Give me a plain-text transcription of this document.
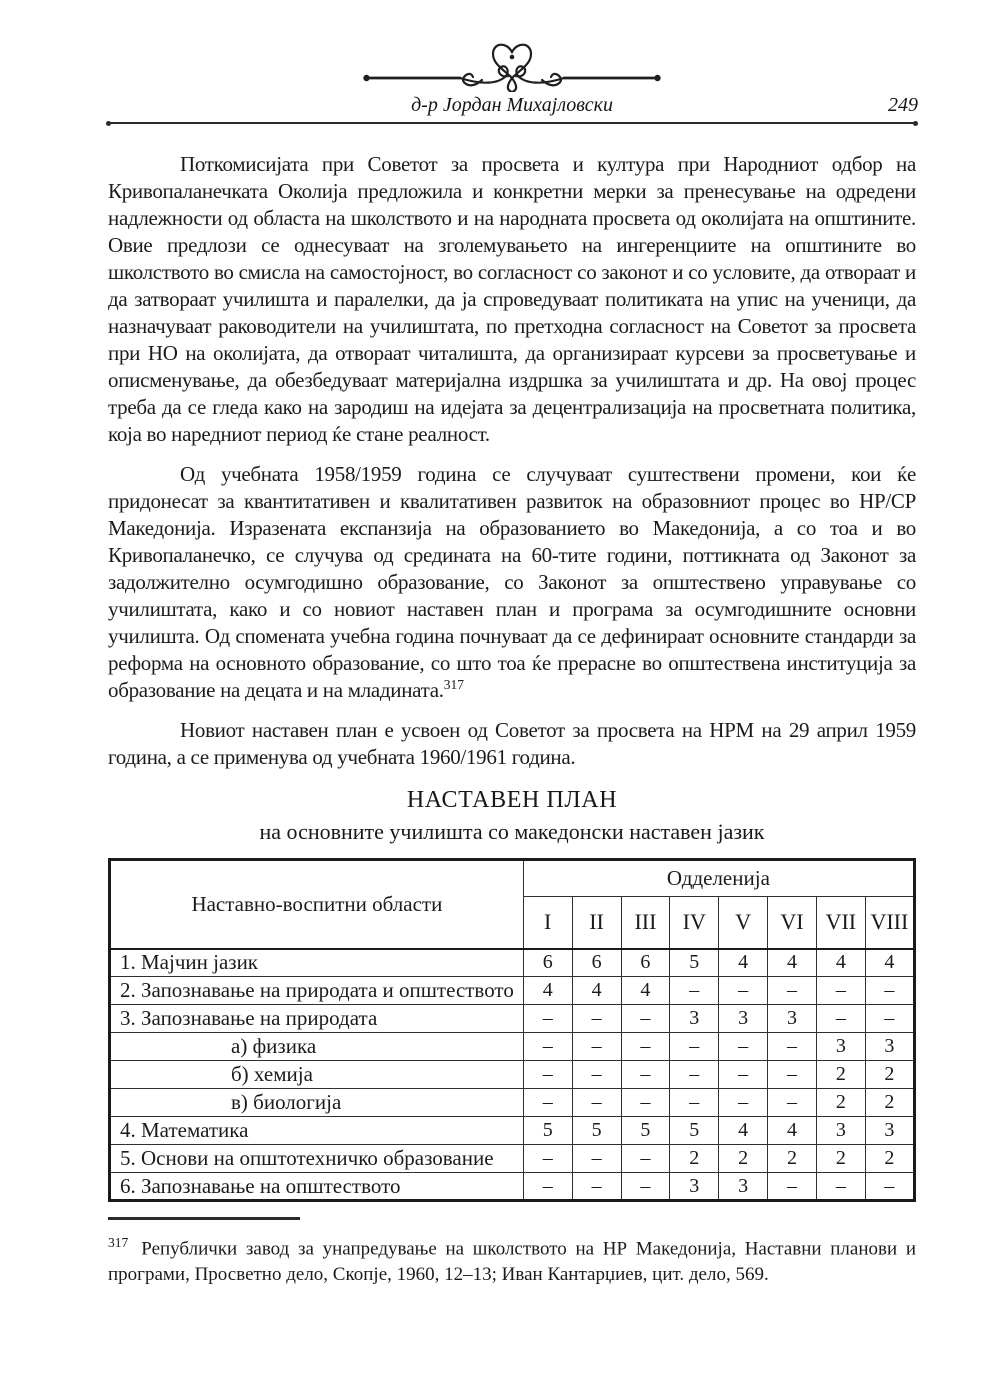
д-р Јордан Михајловски	249

Поткомисијата при Советот за просвета и култура при Народниот одбор на Кривопаланечката Околија предложила и конкретни мерки за пренесување на одредени надлежности од областа на школството и на народната просвета од околијата на општините. Овие предлози се однесуваат на зголемувањето на ингеренциите на општините во школството во смисла на самостојност, во согласност со законот и со условите, да отвораат и да затвораат училишта и паралелки, да ја спроведуваат политиката на упис на ученици, да назначуваат раководители на училиштата, по претходна согласност на Советот за просвета при НО на околијата, да отвораат читалишта, да организираат курсеви за просветување и описменување, да обезбедуваат материјална издршка за училиштата и др. На овој процес треба да се гледа како на зародиш на идејата за децентрализација на просветната политика, која во наредниот период ќе стане реалност.

Од учебната 1958/1959 година се случуваат суштествени промени, кои ќе придонесат за квантитативен и квалитативен развиток на образовниот процес во НР/СР Македонија. Изразената експанзија на образованието во Македонија, а со тоа и во Кривопаланечко, се случува од средината на 60-тите години, поттикната од Законот за задолжително осумгодишно образование, со Законот за општествено управување со училиштата, како и со новиот наставен план и програма за осумгодишните основни училишта. Од спомената учебна година почнуваат да се дефинираат основните стандарди за реформа на основното образование, со што тоа ќе прерасне во општествена институција за образование на децата и на младината.$^{317}$

Новиот наставен план е усвоен од Советот за просвета на НРМ на 29 април 1959 година, а се применува од учебната 1960/1961 година.

НАСТАВЕН ПЛАН
на основните училишта со македонски наставен јазик
Наставно-воспитни области	Одделенија							
	I	II	III	IV	V	VI	VII	VIII
1. Мајчин јазик	6	6	6	5	4	4	4	4
2. Запознавање на природата и општеството	4	4	4	–	–	–	–	–
3. Запознавање на природата	–	–	–	3	3	3	–	–
а) физика	–	–	–	–	–	–	3	3
б) хемија	–	–	–	–	–	–	2	2
в) биологија	–	–	–	–	–	–	2	2
4. Математика	5	5	5	5	4	4	3	3
5. Основи на општотехничко образование	–	–	–	2	2	2	2	2
6. Запознавање на општеството	–	–	–	3	3	–	–	–

$^{317}$ Републички завод за унапредување на школството на НР Македонија, Наставни планови и програми, Просветно дело, Скопје, 1960, 12–13; Иван Кантарџиев, цит. дело, 569.
